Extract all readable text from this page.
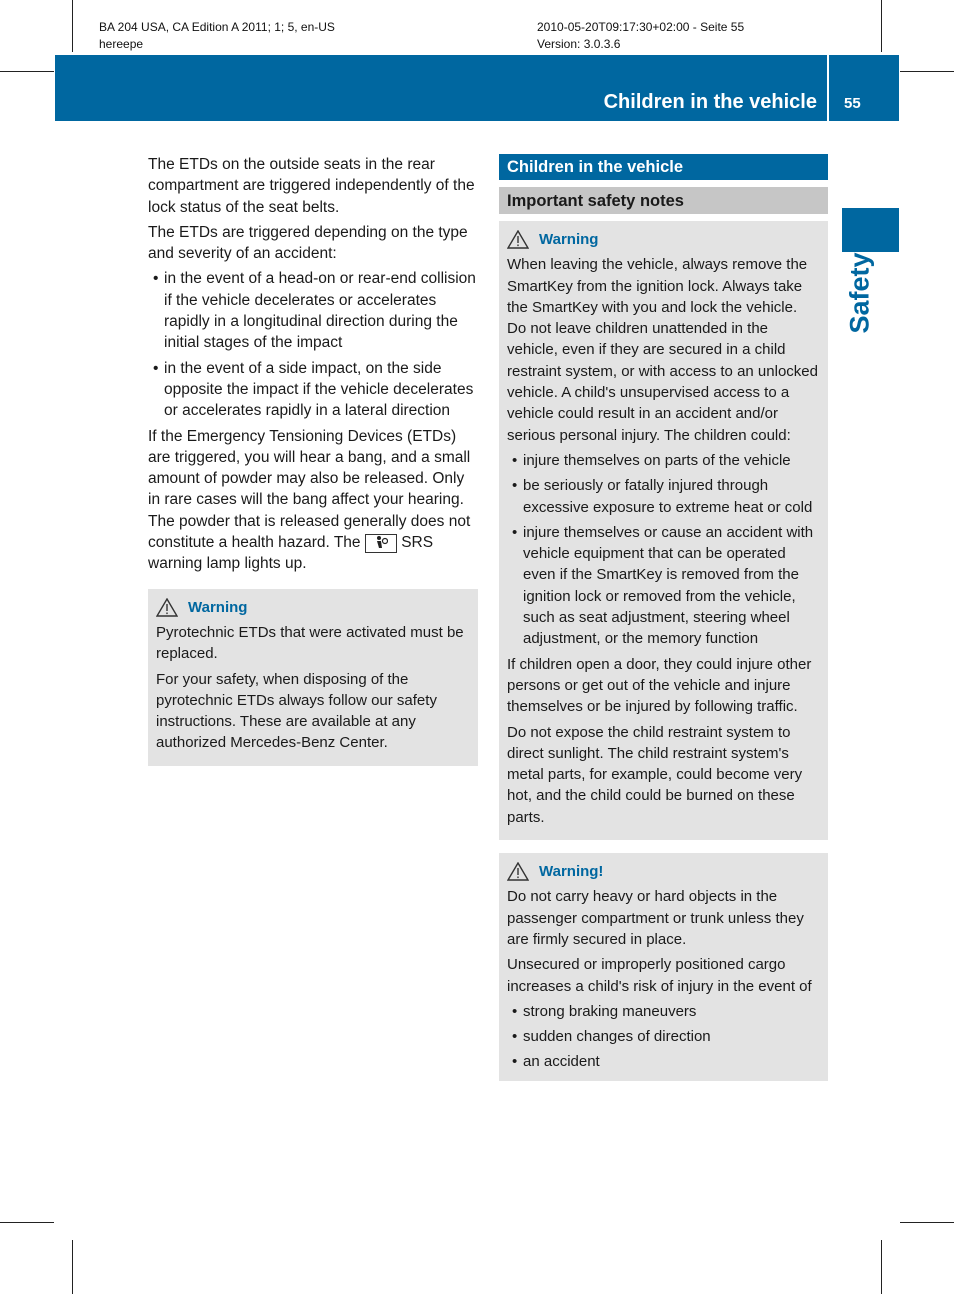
BA 204 USA, CA Edition A 2011; 1; 5, en-US
hereepe
2010-05-20T09:17:30+02:00 - Seite 55
Version: 3.0.3.6
Children in the vehicle 55
Safety

The ETDs on the outside seats in the rear compartment are triggered independently of the lock status of the seat belts.

The ETDs are triggered depending on the type and severity of an accident:

• in the event of a head-on or rear-end collision if the vehicle decelerates or accelerates rapidly in a longitudinal direction during the initial stages of the impact
• in the event of a side impact, on the side opposite the impact if the vehicle decelerates or accelerates rapidly in a lateral direction

If the Emergency Tensioning Devices (ETDs) are triggered, you will hear a bang, and a small amount of powder may also be released. Only in rare cases will the bang affect your hearing. The powder that is released generally does not constitute a health hazard. The	SRS warning lamp lights up.

Warning

Pyrotechnic ETDs that were activated must be replaced.

For your safety, when disposing of the pyrotechnic ETDs always follow our safety instructions. These are available at any authorized Mercedes-Benz Center.

Children in the vehicle
Important safety notes
Warning

When leaving the vehicle, always remove the SmartKey from the ignition lock. Always take the SmartKey with you and lock the vehicle. Do not leave children unattended in the vehicle, even if they are secured in a child restraint system, or with access to an unlocked vehicle. A child's unsupervised access to a vehicle could result in an accident and/or serious personal injury. The children could:

• injure themselves on parts of the vehicle
• be seriously or fatally injured through excessive exposure to extreme heat or cold
• injure themselves or cause an accident with vehicle equipment that can be operated even if the SmartKey is removed from the ignition lock or removed from the vehicle, such as seat adjustment, steering wheel adjustment, or the memory function

If children open a door, they could injure other persons or get out of the vehicle and injure themselves or be injured by following traffic.

Do not expose the child restraint system to direct sunlight. The child restraint system's metal parts, for example, could become very hot, and the child could be burned on these parts.

Warning!

Do not carry heavy or hard objects in the passenger compartment or trunk unless they are firmly secured in place.

Unsecured or improperly positioned cargo increases a child's risk of injury in the event of

• strong braking maneuvers
• sudden changes of direction
• an accident
